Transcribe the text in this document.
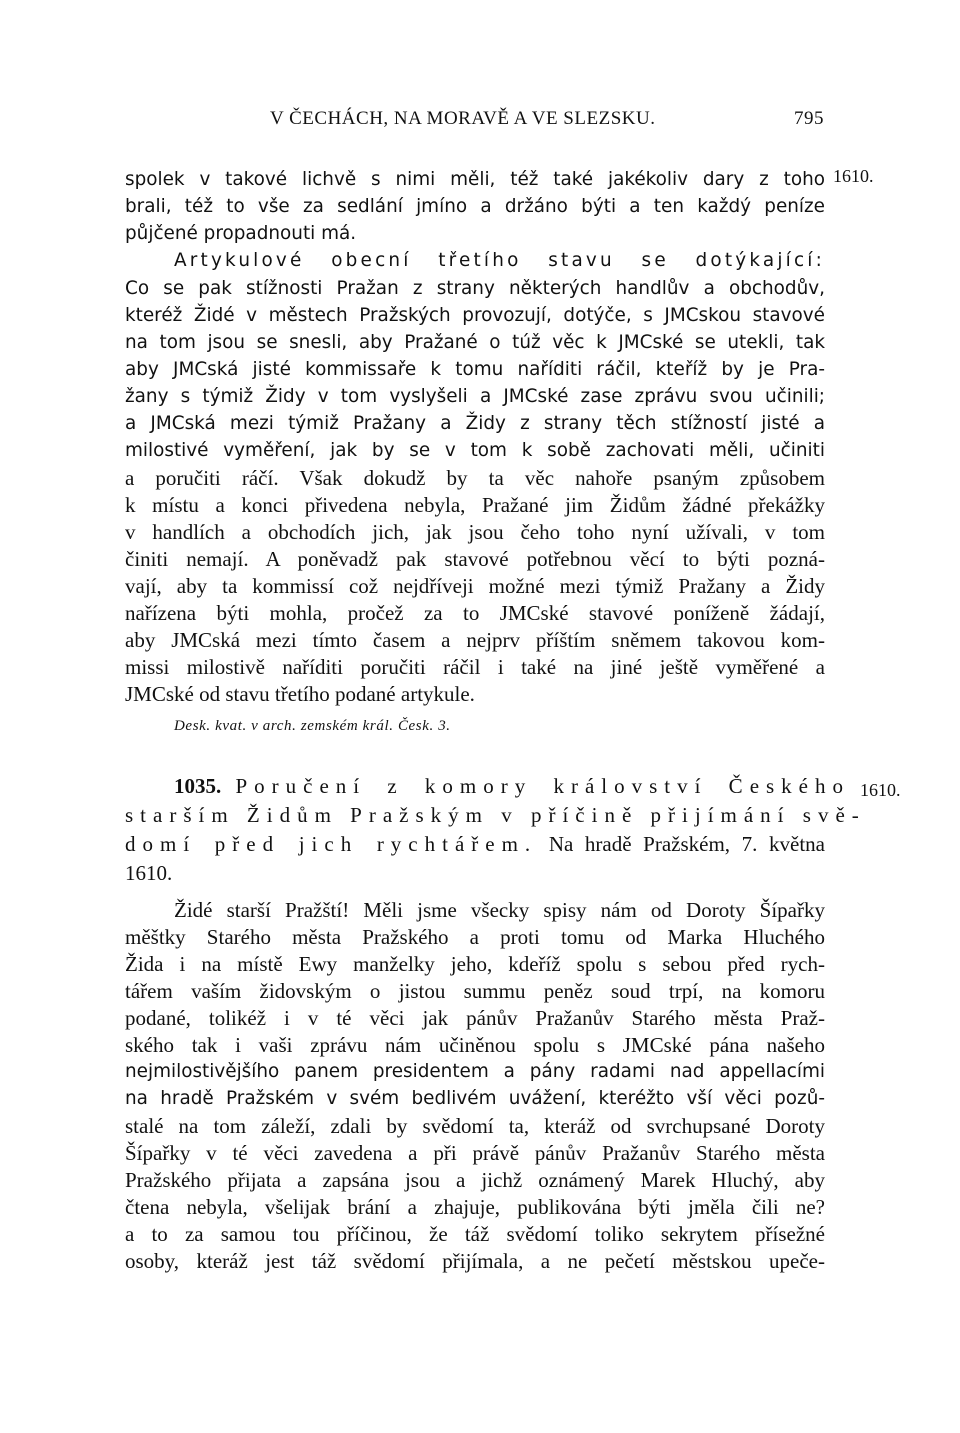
V ČECHÁCH, NA MORAVĚ A VE SLEZSKU.	795
1610.
1610.
spolek v takové lichvě s nimi měli, též také jakékoliv dary z toho
brali, též to vše za sedlání jmíno a držáno býti a ten každý peníze
půjčené propadnouti má.
Artykulové obecní třetího stavu se dotýkající:
Co se pak stížnosti Pražan z strany některých handlův a obchodův,
kteréž Židé v městech Pražských provozují, dotýče, s JMCskou stavové
na tom jsou se snesli, aby Pražané o túž věc k JMCské se utekli, tak
aby JMCská jisté kommissaře k tomu naříditi ráčil, kteříž by je Pra-
žany s týmiž Židy v tom vyslyšeli a JMCské zase zprávu svou učinili;
a JMCská mezi týmiž Pražany a Židy z strany těch stížností jisté a
milostivé vyměření, jak by se v tom k sobě zachovati měli, učiniti
a poručiti ráčí. Však dokudž by ta věc nahoře psaným způsobem
k místu a konci přivedena nebyla, Pražané jim Židům žádné překážky
v handlích a obchodích jich, jak jsou čeho toho nyní užívali, v tom
činiti nemají. A poněvadž pak stavové potřebnou věcí to býti pozná-
vají, aby ta kommissí což nejdříveji možné mezi týmiž Pražany a Židy
nařízena býti mohla, pročež za to JMCské stavové poníženě žádají,
aby JMCská mezi tímto časem a nejprv příštím sněmem takovou kom-
missi milostivě naříditi poručiti ráčil i také na jiné ještě vyměřené a
JMCské od stavu třetího podané artykule.
Desk. kvat. v arch. zemském král. Česk. 3.
1035. Poručení z komory království Českého
starším Židům Pražským v příčině přijímání svě-
domí před jich rychtářem. Na hradě Pražském, 7. května
1610.
Židé starší Pražští! Měli jsme všecky spisy nám od Doroty Šípařky
měštky Starého města Pražského a proti tomu od Marka Hluchého
Žida i na místě Ewy manželky jeho, kdeříž spolu s sebou před rych-
tářem vaším židovským o jistou summu peněz soud trpí, na komoru
podané, tolikéž i v té věci jak pánův Pražanův Starého města Praž-
ského tak i vaši zprávu nám učiněnou spolu s JMCské pána našeho
nejmilostivějšího panem presidentem a pány radami nad appellacími
na hradě Pražském v svém bedlivém uvážení, kteréžto vší věci pozů-
stalé na tom záleží, zdali by svědomí ta, kteráž od svrchupsané Doroty
Šípařky v té věci zavedena a při právě pánův Pražanův Starého města
Pražského přijata a zapsána jsou a jichž oznámený Marek Hluchý, aby
čtena nebyla, všelijak brání a zhajuje, publikována býti jměla čili ne?
a to za samou tou příčinou, že táž svědomí toliko sekrytem přísežné
osoby, kteráž jest táž svědomí přijímala, a ne pečetí městskou upeče-
